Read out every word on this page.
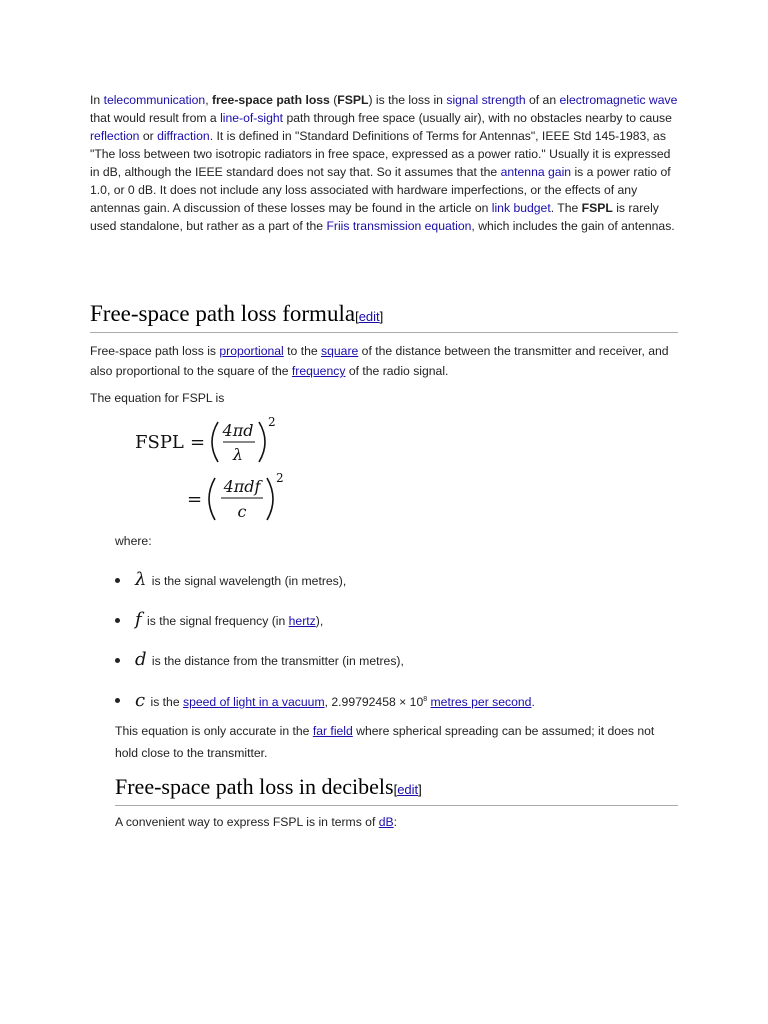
In telecommunication, free-space path loss (FSPL) is the loss in signal strength of an electromagnetic wave that would result from a line-of-sight path through free space (usually air), with no obstacles nearby to cause reflection or diffraction. It is defined in "Standard Definitions of Terms for Antennas", IEEE Std 145-1983, as "The loss between two isotropic radiators in free space, expressed as a power ratio." Usually it is expressed in dB, although the IEEE standard does not say that. So it assumes that the antenna gain is a power ratio of 1.0, or 0 dB. It does not include any loss associated with hardware imperfections, or the effects of any antennas gain. A discussion of these losses may be found in the article on link budget. The FSPL is rarely used standalone, but rather as a part of the Friis transmission equation, which includes the gain of antennas.

Free-space path loss formula[edit]

Free-space path loss is proportional to the square of the distance between the transmitter and receiver, and also proportional to the square of the frequency of the radio signal.

The equation for FSPL is

FSPL =
4πd
λ
2
=
4πdf
c
2

where:

λ is the signal wavelength (in metres),
f is the signal frequency (in hertz),
d is the distance from the transmitter (in metres),
c is the speed of light in a vacuum, $2.99792458 \times 10^8$ metres per second.

This equation is only accurate in the far field where spherical spreading can be assumed; it does not hold close to the transmitter.

Free-space path loss in decibels[edit]

A convenient way to express FSPL is in terms of dB:
